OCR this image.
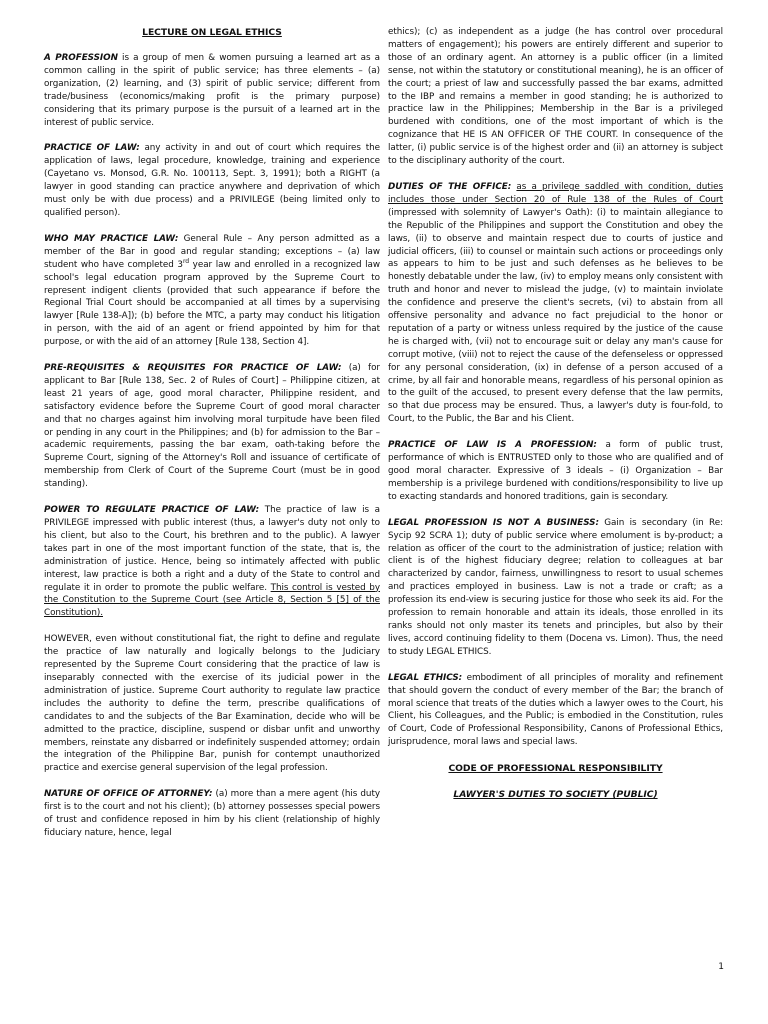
LECTURE ON LEGAL ETHICS

A PROFESSION is a group of men & women pursuing a learned art as a common calling in the spirit of public service; has three elements – (a) organization, (2) learning, and (3) spirit of public service; different from trade/business (economics/making profit is the primary purpose) considering that its primary purpose is the pursuit of a learned art in the interest of public service.

PRACTICE OF LAW: any activity in and out of court which requires the application of laws, legal procedure, knowledge, training and experience (Cayetano vs. Monsod, G.R. No. 100113, Sept. 3, 1991); both a RIGHT (a lawyer in good standing can practice anywhere and deprivation of which must only be with due process) and a PRIVILEGE (being limited only to qualified person).

WHO MAY PRACTICE LAW: General Rule – Any person admitted as a member of the Bar in good and regular standing; exceptions – (a) law student who have completed 3rd year law and enrolled in a recognized law school's legal education program approved by the Supreme Court to represent indigent clients (provided that such appearance if before the Regional Trial Court should be accompanied at all times by a supervising lawyer [Rule 138-A]); (b) before the MTC, a party may conduct his litigation in person, with the aid of an agent or friend appointed by him for that purpose, or with the aid of an attorney [Rule 138, Section 4].

PRE-REQUISITES & REQUISITES FOR PRACTICE OF LAW: (a) for applicant to Bar [Rule 138, Sec. 2 of Rules of Court] – Philippine citizen, at least 21 years of age, good moral character, Philippine resident, and satisfactory evidence before the Supreme Court of good moral character and that no charges against him involving moral turpitude have been filed or pending in any court in the Philippines; and (b) for admission to the Bar – academic requirements, passing the bar exam, oath-taking before the Supreme Court, signing of the Attorney's Roll and issuance of certificate of membership from Clerk of Court of the Supreme Court (must be in good standing).

POWER TO REGULATE PRACTICE OF LAW: The practice of law is a PRIVILEGE impressed with public interest (thus, a lawyer's duty not only to his client, but also to the Court, his brethren and to the public). A lawyer takes part in one of the most important function of the state, that is, the administration of justice. Hence, being so intimately affected with public interest, law practice is both a right and a duty of the State to control and regulate it in order to promote the public welfare. This control is vested by the Constitution to the Supreme Court (see Article 8, Section 5 [5] of the Constitution).

HOWEVER, even without constitutional fiat, the right to define and regulate the practice of law naturally and logically belongs to the Judiciary represented by the Supreme Court considering that the practice of law is inseparably connected with the exercise of its judicial power in the administration of justice. Supreme Court authority to regulate law practice includes the authority to define the term, prescribe qualifications of candidates to and the subjects of the Bar Examination, decide who will be admitted to the practice, discipline, suspend or disbar unfit and unworthy members, reinstate any disbarred or indefinitely suspended attorney; ordain the integration of the Philippine Bar, punish for contempt unauthorized practice and exercise general supervision of the legal profession.

NATURE OF OFFICE OF ATTORNEY: (a) more than a mere agent (his duty first is to the court and not his client); (b) attorney possesses special powers of trust and confidence reposed in him by his client (relationship of highly fiduciary nature, hence, legal

ethics); (c) as independent as a judge (he has control over procedural matters of engagement); his powers are entirely different and superior to those of an ordinary agent. An attorney is a public officer (in a limited sense, not within the statutory or constitutional meaning), he is an officer of the court; a priest of law and successfully passed the bar exams, admitted to the IBP and remains a member in good standing; he is authorized to practice law in the Philippines; Membership in the Bar is a privileged burdened with conditions, one of the most important of which is the cognizance that HE IS AN OFFICER OF THE COURT. In consequence of the latter, (i) public service is of the highest order and (ii) an attorney is subject to the disciplinary authority of the court.

DUTIES OF THE OFFICE: as a privilege saddled with condition, duties includes those under Section 20 of Rule 138 of the Rules of Court (impressed with solemnity of Lawyer's Oath): (i) to maintain allegiance to the Republic of the Philippines and support the Constitution and obey the laws, (ii) to observe and maintain respect due to courts of justice and judicial officers, (iii) to counsel or maintain such actions or proceedings only as appears to him to be just and such defenses as he believes to be honestly debatable under the law, (iv) to employ means only consistent with truth and honor and never to mislead the judge, (v) to maintain inviolate the confidence and preserve the client's secrets, (vi) to abstain from all offensive personality and advance no fact prejudicial to the honor or reputation of a party or witness unless required by the justice of the cause he is charged with, (vii) not to encourage suit or delay any man's cause for corrupt motive, (viii) not to reject the cause of the defenseless or oppressed for any personal consideration, (ix) in defense of a person accused of a crime, by all fair and honorable means, regardless of his personal opinion as to the guilt of the accused, to present every defense that the law permits, so that due process may be ensured. Thus, a lawyer's duty is four-fold, to Court, to the Public, the Bar and his Client.

PRACTICE OF LAW IS A PROFESSION: a form of public trust, performance of which is ENTRUSTED only to those who are qualified and of good moral character. Expressive of 3 ideals – (i) Organization – Bar membership is a privilege burdened with conditions/responsibility to live up to exacting standards and honored traditions, gain is secondary.

LEGAL PROFESSION IS NOT A BUSINESS: Gain is secondary (in Re: Sycip 92 SCRA 1); duty of public service where emolument is by-product; a relation as officer of the court to the administration of justice; relation with client is of the highest fiduciary degree; relation to colleagues at bar characterized by candor, fairness, unwillingness to resort to usual schemes and practices employed in business. Law is not a trade or craft; as a profession its end-view is securing justice for those who seek its aid. For the profession to remain honorable and attain its ideals, those enrolled in its ranks should not only master its tenets and principles, but also by their lives, accord continuing fidelity to them (Docena vs. Limon). Thus, the need to study LEGAL ETHICS.

LEGAL ETHICS: embodiment of all principles of morality and refinement that should govern the conduct of every member of the Bar; the branch of moral science that treats of the duties which a lawyer owes to the Court, his Client, his Colleagues, and the Public; is embodied in the Constitution, rules of Court, Code of Professional Responsibility, Canons of Professional Ethics, jurisprudence, moral laws and special laws.

CODE OF PROFESSIONAL RESPONSIBILITY

LAWYER'S DUTIES TO SOCIETY (PUBLIC)

1
